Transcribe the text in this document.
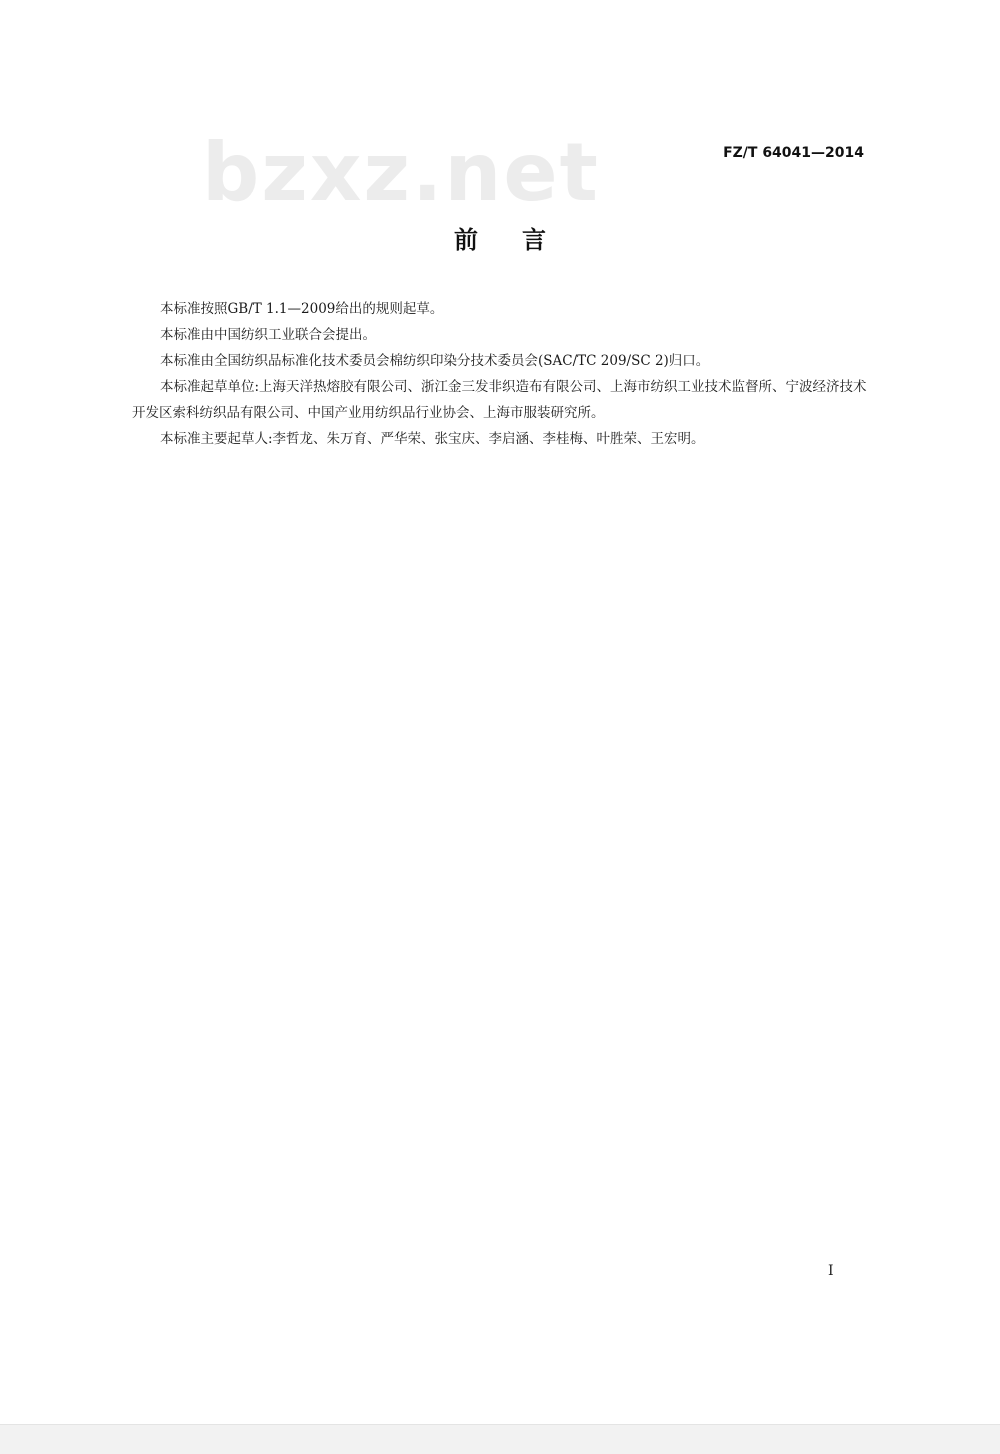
bzxz.net	FZ/T 64041—2014
前言

本标准按照GB/T 1.1—2009给出的规则起草。

本标准由中国纺织工业联合会提出。

本标准由全国纺织品标准化技术委员会棉纺织印染分技术委员会(SAC/TC 209/SC 2)归口。

本标准起草单位:上海天洋热熔胶有限公司、浙江金三发非织造布有限公司、上海市纺织工业技术监督所、宁波经济技术开发区索科纺织品有限公司、中国产业用纺织品行业协会、上海市服装研究所。

本标准主要起草人:李哲龙、朱万育、严华荣、张宝庆、李启涵、李桂梅、叶胜荣、王宏明。

I
